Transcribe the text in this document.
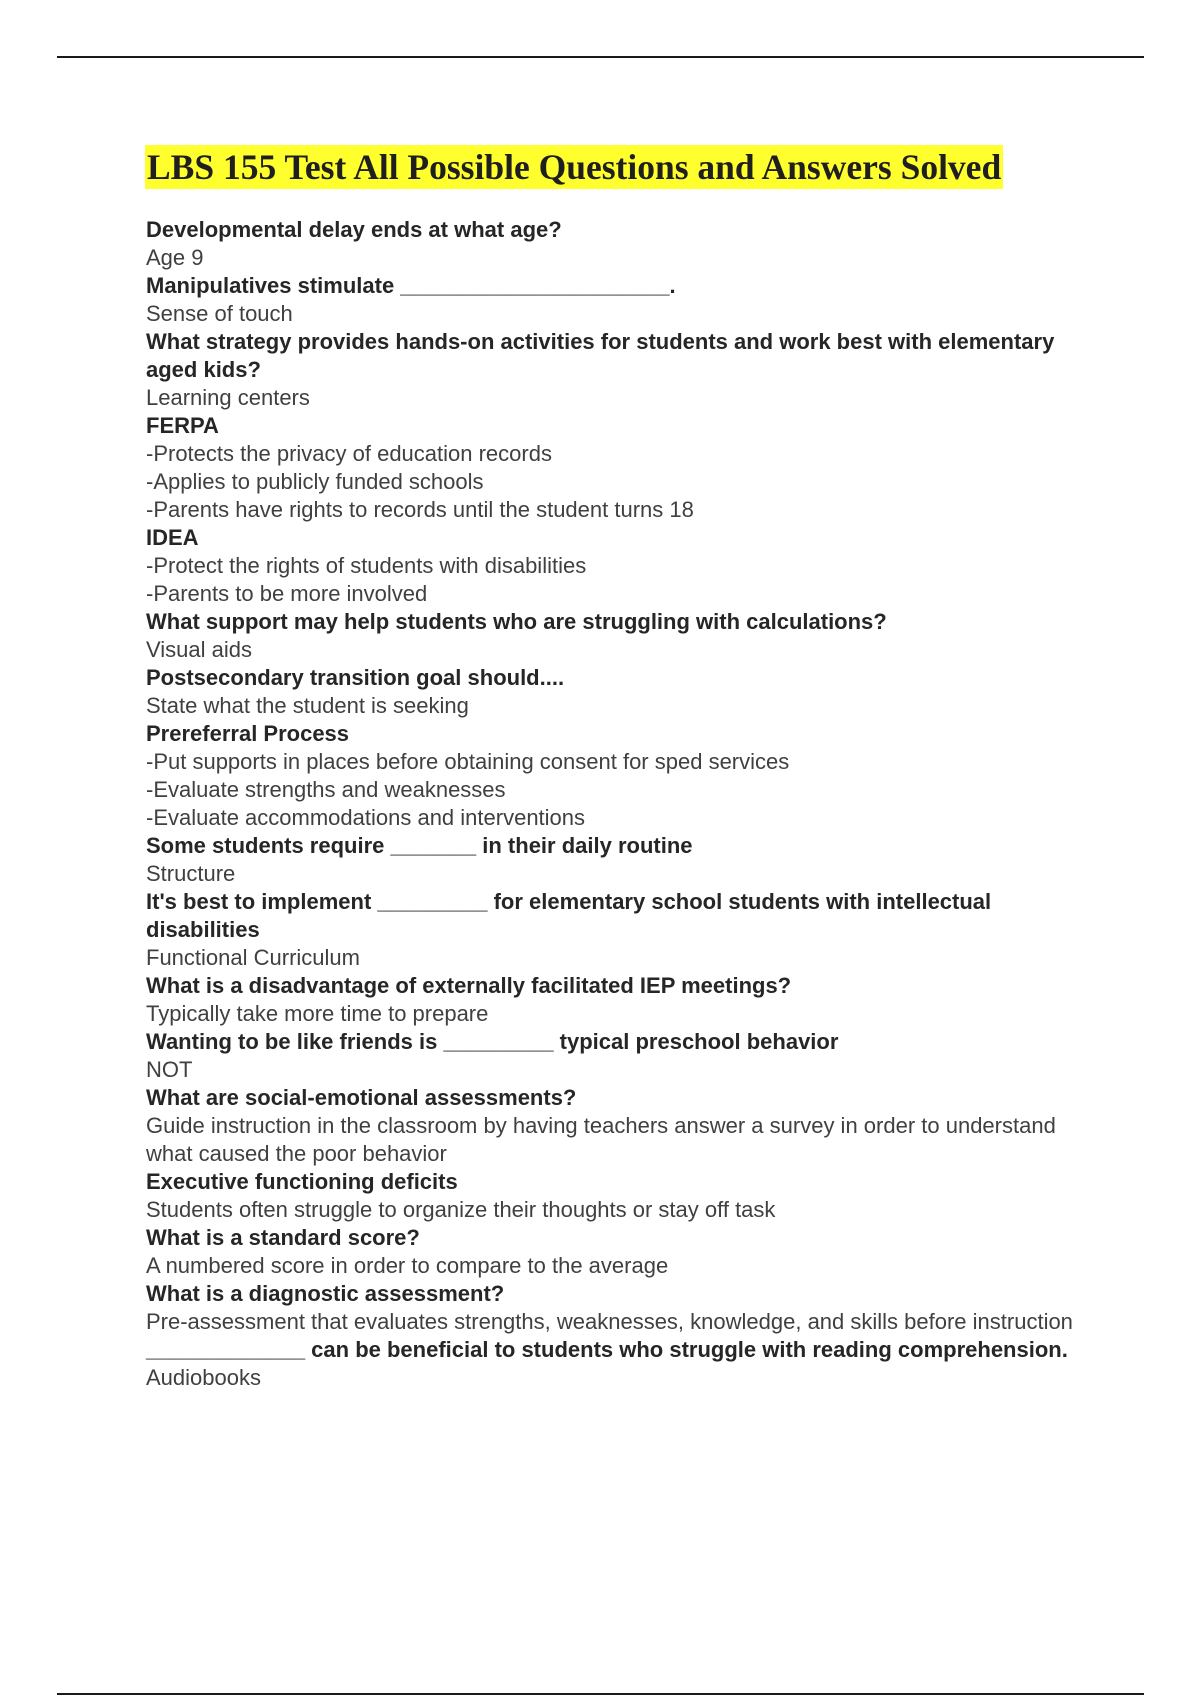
LBS 155 Test All Possible Questions and Answers Solved

Developmental delay ends at what age?

Age 9

Manipulatives stimulate ______________________.

Sense of touch

What strategy provides hands-on activities for students and work best with elementary aged kids?

Learning centers

FERPA

-Protects the privacy of education records

-Applies to publicly funded schools

-Parents have rights to records until the student turns 18

IDEA

-Protect the rights of students with disabilities

-Parents to be more involved

What support may help students who are struggling with calculations?

Visual aids

Postsecondary transition goal should....

State what the student is seeking

Prereferral Process

-Put supports in places before obtaining consent for sped services

-Evaluate strengths and weaknesses

-Evaluate accommodations and interventions

Some students require _______ in their daily routine

Structure

It's best to implement _________ for elementary school students with intellectual disabilities

Functional Curriculum

What is a disadvantage of externally facilitated IEP meetings?

Typically take more time to prepare

Wanting to be like friends is _________ typical preschool behavior

NOT

What are social-emotional assessments?

Guide instruction in the classroom by having teachers answer a survey in order to understand what caused the poor behavior

Executive functioning deficits

Students often struggle to organize their thoughts or stay off task

What is a standard score?

A numbered score in order to compare to the average

What is a diagnostic assessment?

Pre-assessment that evaluates strengths, weaknesses, knowledge, and skills before instruction

_____________ can be beneficial to students who struggle with reading comprehension.

Audiobooks
